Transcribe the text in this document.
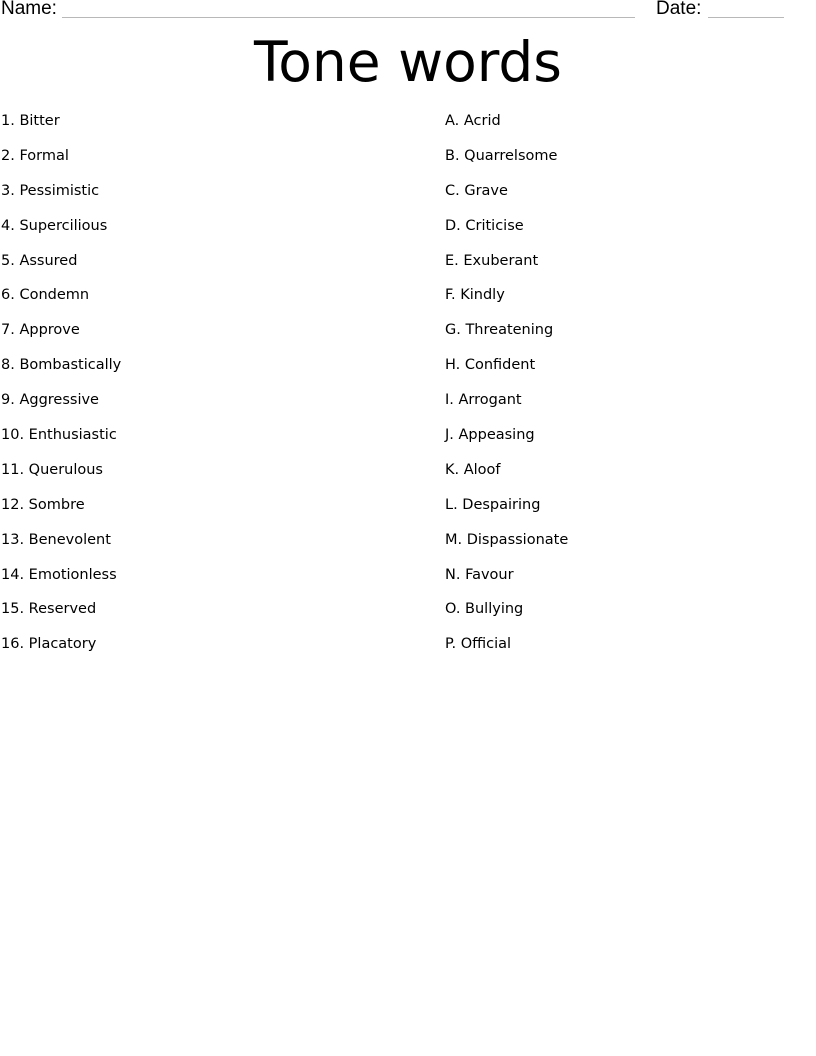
Name:	Date:
Tone words
1. Bitter
2. Formal
3. Pessimistic
4. Supercilious
5. Assured
6. Condemn
7. Approve
8. Bombastically
9. Aggressive
10. Enthusiastic
11. Querulous
12. Sombre
13. Benevolent
14. Emotionless
15. Reserved
16. Placatory
A. Acrid
B. Quarrelsome
C. Grave
D. Criticise
E. Exuberant
F. Kindly
G. Threatening
H. Confident
I. Arrogant
J. Appeasing
K. Aloof
L. Despairing
M. Dispassionate
N. Favour
O. Bullying
P. Official
